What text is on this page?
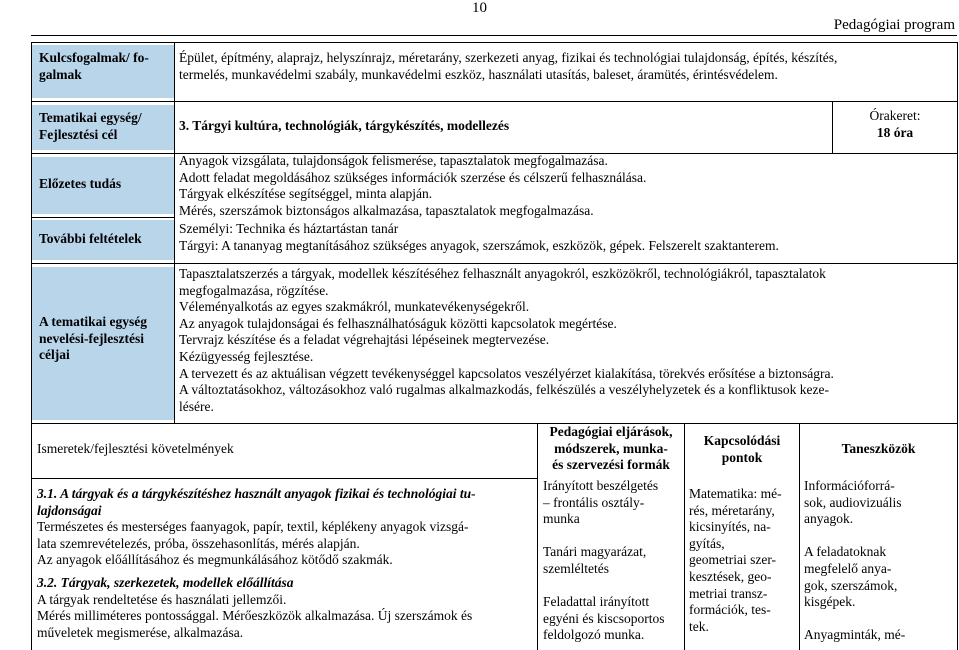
10
Pedagógiai program
Kulcsfogalmak/ fo-
galmak
Tematikai egység/
Fejlesztési cél
Előzetes tudás
További feltételek
A tematikai egység
nevelési-fejlesztési
céljai
Épület, építmény, alaprajz, helyszínrajz, méretarány, szerkezeti anyag, fizikai és technológiai tulajdonság, építés, készítés,
termelés, munkavédelmi szabály, munkavédelmi eszköz, használati utasítás, baleset, áramütés, érintésvédelem.
3. Tárgyi kultúra, technológiák, tárgykészítés, modellezés
Órakeret:
18 óra
Anyagok vizsgálata, tulajdonságok felismerése, tapasztalatok megfogalmazása.
Adott feladat megoldásához szükséges információk szerzése és célszerű felhasználása.
Tárgyak elkészítése segítséggel, minta alapján.
Mérés, szerszámok biztonságos alkalmazása, tapasztalatok megfogalmazása.
Személyi: Technika és háztartástan tanár
Tárgyi: A tananyag megtanításához szükséges anyagok, szerszámok, eszközök, gépek. Felszerelt szaktanterem.
Tapasztalatszerzés a tárgyak, modellek készítéséhez felhasznált anyagokról, eszközökről, technológiákról, tapasztalatok
megfogalmazása, rögzítése.
Véleményalkotás az egyes szakmákról, munkatevékenységekről.
Az anyagok tulajdonságai és felhasználhatóságuk közötti kapcsolatok megértése.
Tervrajz készítése és a feladat végrehajtási lépéseinek megtervezése.
Kézügyesség fejlesztése.
A tervezett és az aktuálisan végzett tevékenységgel kapcsolatos veszélyérzet kialakítása, törekvés erősítése a biztonságra.
A változtatásokhoz, változásokhoz való rugalmas alkalmazkodás, felkészülés a veszélyhelyzetek és a konfliktusok keze-
lésére.
Ismeretek/fejlesztési követelmények
Pedagógiai eljárások,
módszerek, munka-
és szervezési formák
Kapcsolódási
pontok
Taneszközök
3.1. A tárgyak és a tárgykészítéshez használt anyagok fizikai és technológiai tu-
lajdonságai
Természetes és mesterséges faanyagok, papír, textil, képlékeny anyagok vizsgá-
lata szemrevételezés, próba, összehasonlítás, mérés alapján.
Az anyagok előállításához és megmunkálásához kötődő szakmák.
3.2. Tárgyak, szerkezetek, modellek előállítása
A tárgyak rendeltetése és használati jellemzői.
Mérés milliméteres pontossággal. Mérőeszközök alkalmazása. Új szerszámok és
műveletek megismerése, alkalmazása.
Irányított beszélgetés
– frontális osztály-
munka
Tanári magyarázat,
szemléltetés
Feladattal irányított
egyéni és kiscsoportos
feldolgozó munka.
Matematika: mé-
rés, méretarány,
kicsinyítés, na-
gyítás,
geometriai szer-
kesztések, geo-
metriai transz-
formációk, tes-
tek.
Információforrá-
sok, audiovizuális
anyagok.
A feladatoknak
megfelelő anya-
gok, szerszámok,
kisgépek.
Anyagminták, mé-
